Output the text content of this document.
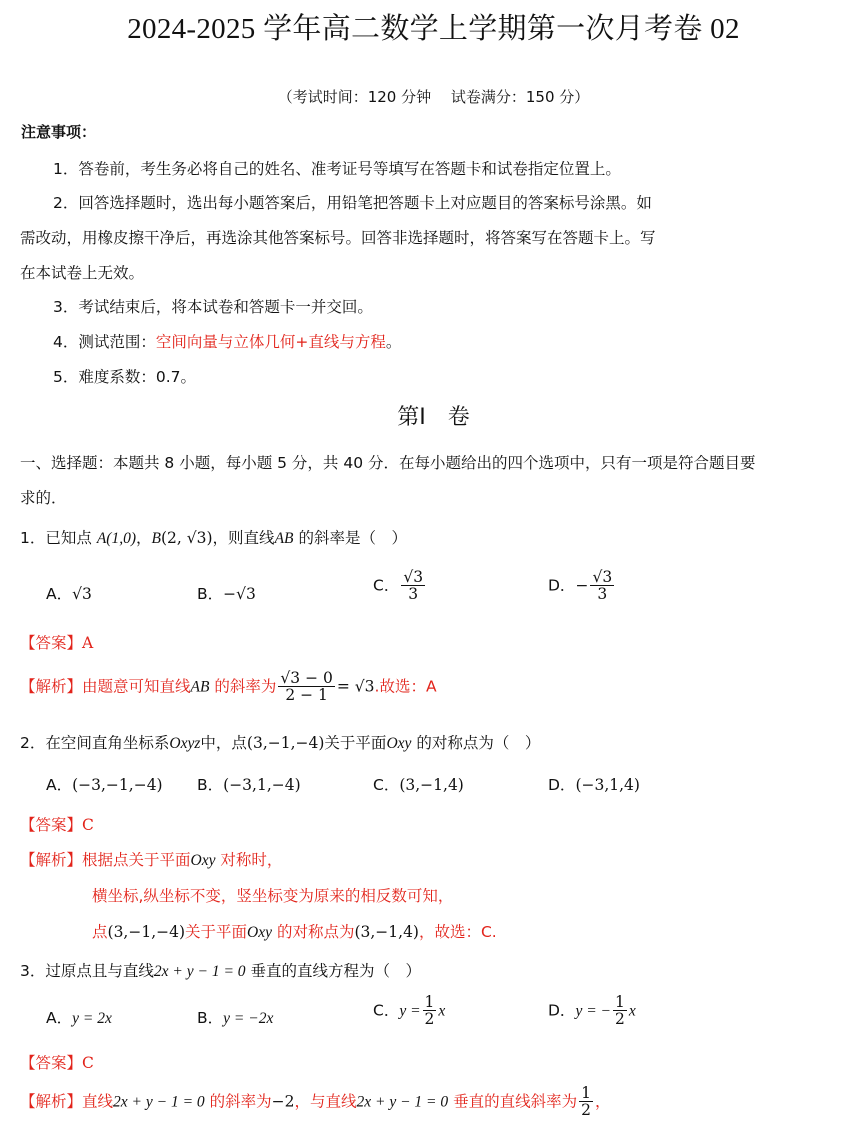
2024-2025 学年高二数学上学期第一次月考卷 02
（考试时间：120 分钟　 试卷满分：150 分）
注意事项：
1．答卷前，考生务必将自己的姓名、准考证号等填写在答题卡和试卷指定位置上。
2．回答选择题时，选出每小题答案后，用铅笔把答题卡上对应题目的答案标号涂黑。如
需改动，用橡皮擦干净后，再选涂其他答案标号。回答非选择题时，将答案写在答题卡上。写
在本试卷上无效。
3．考试结束后，将本试卷和答题卡一并交回。
4．测试范围：空间向量与立体几何+直线与方程。
5．难度系数：0.7。
第Ⅰ　卷
一、选择题：本题共 8 小题，每小题 5 分，共 40 分．在每小题给出的四个选项中，只有一项是符合题目要
求的．
1．已知点 A(1,0)，B(2, √3)，则直线AB 的斜率是（　）
A．√3	B．−√3	C． $\frac{√3}{3}$	D．− $\frac{√3}{3}$
【答案】A
【解析】由题意可知直线AB 的斜率为 $\frac{√3 - 0}{2 - 1} = √3$.故选：A
2．在空间直角坐标系Oxyz中，点(3,−1,−4)关于平面Oxy 的对称点为（　）
A．(−3,−1,−4) B．(−3,1,−4)	C．(3,−1,4)	D．(−3,1,4)
【答案】C
【解析】根据点关于平面Oxy 对称时，
横坐标,纵坐标不变，竖坐标变为原来的相反数可知，
点(3,−1,−4)关于平面Oxy 的对称点为(3,−1,4)，故选：C.
3．过原点且与直线2x + y − 1 = 0 垂直的直线方程为（　）
A．y = 2x	B．y = −2x	C．$y = \frac{1}{2}$ x	D．y = − $\frac{1}{2}$ x
【答案】C
【解析】直线2x + y − 1 = 0 的斜率为−2，与直线2x + y − 1 = 0 垂直的直线斜率为 $\frac{1}{2}$ ，
